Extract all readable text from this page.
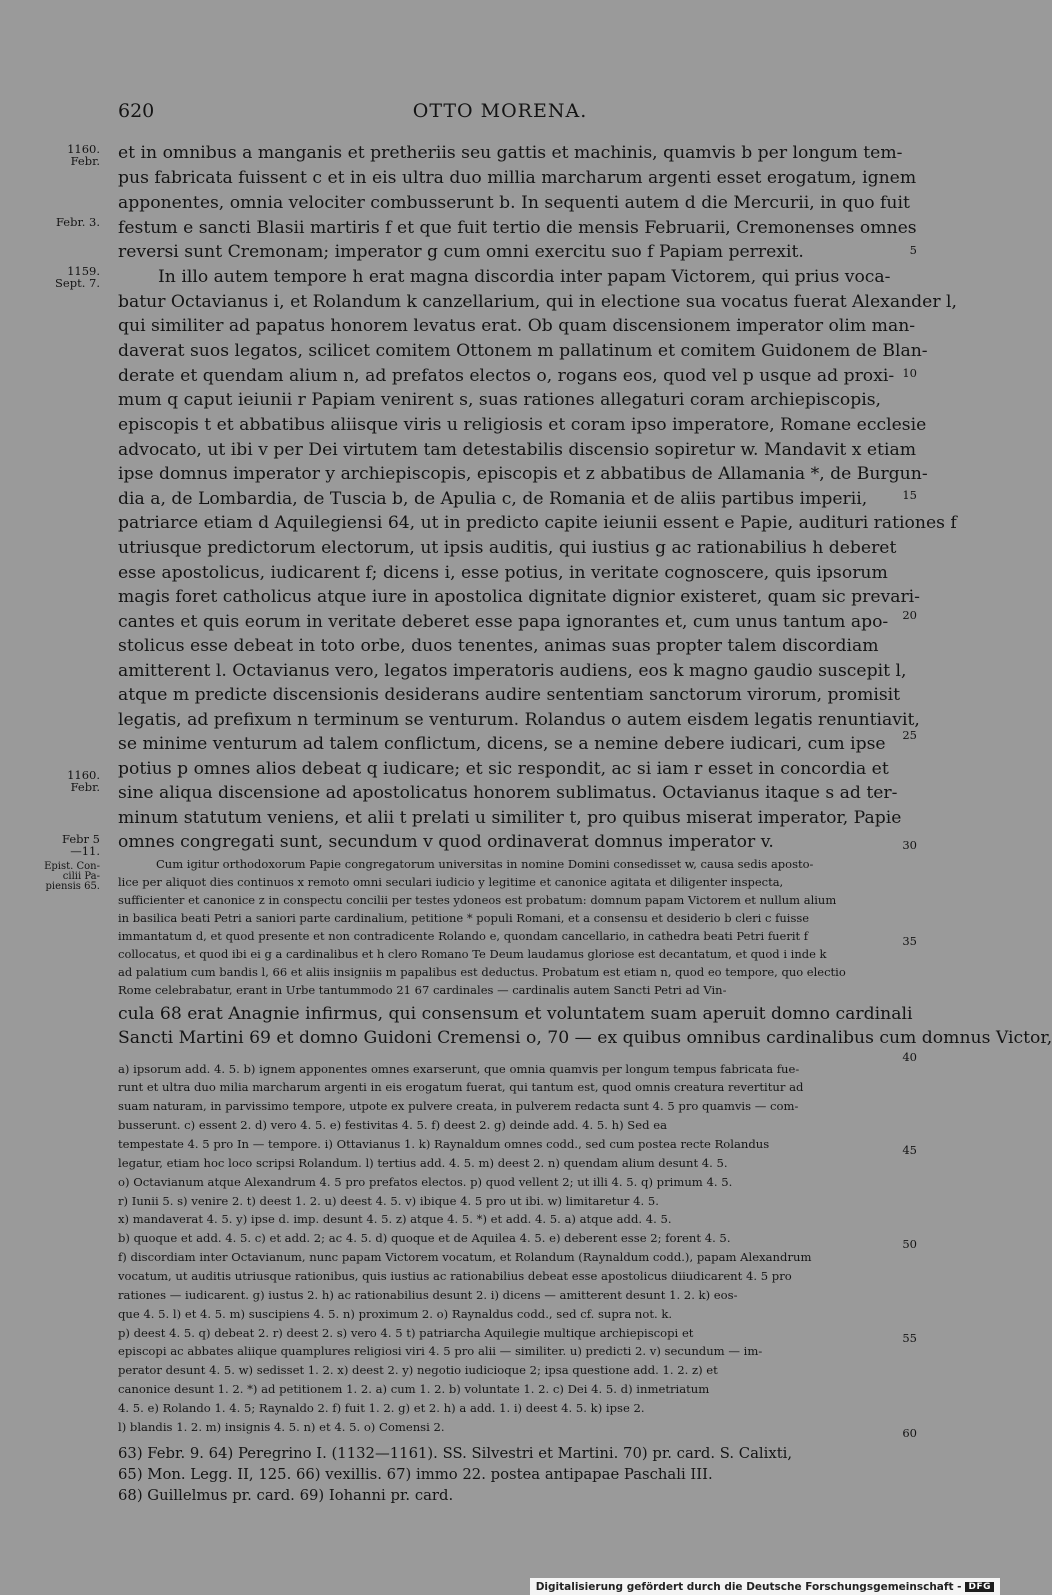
620	OTTO MORENA.
1160.
Febr.
Febr. 3.
1159.
Sept. 7.
1160.
Febr.
Febr 5
—11.
Epist. Con-
cilii Pa-
piensis 65.
5
10
15
20
25
30
35
40
45
50
55
60
et in omnibus a manganis et pretheriis seu gattis et machinis, quamvis b per longum tem-
pus fabricata fuissent c et in eis ultra duo millia marcharum argenti esset erogatum, ignem
apponentes, omnia velociter combusserunt b. In sequenti autem d die Mercurii, in quo fuit
festum e sancti Blasii martiris f et que fuit tertio die mensis Februarii, Cremonenses omnes
reversi sunt Cremonam; imperator g cum omni exercitu suo f Papiam perrexit.
In illo autem tempore h erat magna discordia inter papam Victorem, qui prius voca-
batur Octavianus i, et Rolandum k canzellarium, qui in electione sua vocatus fuerat Alexander l,
qui similiter ad papatus honorem levatus erat. Ob quam discensionem imperator olim man-
daverat suos legatos, scilicet comitem Ottonem m pallatinum et comitem Guidonem de Blan-
derate et quendam alium n, ad prefatos electos o, rogans eos, quod vel p usque ad proxi-
mum q caput ieiunii r Papiam venirent s, suas rationes allegaturi coram archiepiscopis,
episcopis t et abbatibus aliisque viris u religiosis et coram ipso imperatore, Romane ecclesie
advocato, ut ibi v per Dei virtutem tam detestabilis discensio sopiretur w. Mandavit x etiam
ipse domnus imperator y archiepiscopis, episcopis et z abbatibus de Allamania *, de Burgun-
dia a, de Lombardia, de Tuscia b, de Apulia c, de Romania et de aliis partibus imperii,
patriarce etiam d Aquilegiensi 64, ut in predicto capite ieiunii essent e Papie, audituri rationes f
utriusque predictorum electorum, ut ipsis auditis, qui iustius g ac rationabilius h deberet
esse apostolicus, iudicarent f; dicens i, esse potius, in veritate cognoscere, quis ipsorum
magis foret catholicus atque iure in apostolica dignitate dignior existeret, quam sic prevari-
cantes et quis eorum in veritate deberet esse papa ignorantes et, cum unus tantum apo-
stolicus esse debeat in toto orbe, duos tenentes, animas suas propter talem discordiam
amitterent l. Octavianus vero, legatos imperatoris audiens, eos k magno gaudio suscepit l,
atque m predicte discensionis desiderans audire sententiam sanctorum virorum, promisit
legatis, ad prefixum n terminum se venturum. Rolandus o autem eisdem legatis renuntiavit,
se minime venturum ad talem conflictum, dicens, se a nemine debere iudicari, cum ipse
potius p omnes alios debeat q iudicare; et sic respondit, ac si iam r esset in concordia et
sine aliqua discensione ad apostolicatus honorem sublimatus. Octavianus itaque s ad ter-
minum statutum veniens, et alii t prelati u similiter t, pro quibus miserat imperator, Papie
omnes congregati sunt, secundum v quod ordinaverat domnus imperator v.
Cum igitur orthodoxorum Papie congregatorum universitas in nomine Domini consedisset w, causa sedis aposto-
lice per aliquot dies continuos x remoto omni seculari iudicio y legitime et canonice agitata et diligenter inspecta,
sufficienter et canonice z in conspectu concilii per testes ydoneos est probatum: domnum papam Victorem et nullum alium
in basilica beati Petri a saniori parte cardinalium, petitione * populi Romani, et a consensu et desiderio b cleri c fuisse
immantatum d, et quod presente et non contradicente Rolando e, quondam cancellario, in cathedra beati Petri fuerit f
collocatus, et quod ibi ei g a cardinalibus et h clero Romano Te Deum laudamus gloriose est decantatum, et quod i inde k
ad palatium cum bandis l, 66 et aliis insigniis m papalibus est deductus. Probatum est etiam n, quod eo tempore, quo electio
Rome celebrabatur, erant in Urbe tantummodo 21 67 cardinales — cardinalis autem Sancti Petri ad Vin-
cula 68 erat Anagnie infirmus, qui consensum et voluntatem suam aperuit domno cardinali
Sancti Martini 69 et domno Guidoni Cremensi o, 70 — ex quibus omnibus cardinalibus cum domnus Victor,
a) ipsorum add. 4. 5. b) ignem apponentes omnes exarserunt, que omnia quamvis per longum tempus fabricata fue-
runt et ultra duo milia marcharum argenti in eis erogatum fuerat, qui tantum est, quod omnis creatura revertitur ad
suam naturam, in parvissimo tempore, utpote ex pulvere creata, in pulverem redacta sunt 4. 5 pro quamvis — com-
busserunt. c) essent 2. d) vero 4. 5. e) festivitas 4. 5. f) deest 2. g) deinde add. 4. 5. h) Sed ea
tempestate 4. 5 pro In — tempore. i) Ottavianus 1. k) Raynaldum omnes codd., sed cum postea recte Rolandus
legatur, etiam hoc loco scripsi Rolandum. l) tertius add. 4. 5. m) deest 2. n) quendam alium desunt 4. 5.
o) Octavianum atque Alexandrum 4. 5 pro prefatos electos. p) quod vellent 2; ut illi 4. 5. q) primum 4. 5.
r) Iunii 5. s) venire 2. t) deest 1. 2. u) deest 4. 5. v) ibique 4. 5 pro ut ibi. w) limitaretur 4. 5.
x) mandaverat 4. 5. y) ipse d. imp. desunt 4. 5. z) atque 4. 5. *) et add. 4. 5. a) atque add. 4. 5.
b) quoque et add. 4. 5. c) et add. 2; ac 4. 5. d) quoque et de Aquilea 4. 5. e) deberent esse 2; forent 4. 5.
f) discordiam inter Octavianum, nunc papam Victorem vocatum, et Rolandum (Raynaldum codd.), papam Alexandrum
vocatum, ut auditis utriusque rationibus, quis iustius ac rationabilius debeat esse apostolicus diiudicarent 4. 5 pro
rationes — iudicarent. g) iustus 2. h) ac rationabilius desunt 2. i) dicens — amitterent desunt 1. 2. k) eos-
que 4. 5. l) et 4. 5. m) suscipiens 4. 5. n) proximum 2. o) Raynaldus codd., sed cf. supra not. k.
p) deest 4. 5. q) debeat 2. r) deest 2. s) vero 4. 5 t) patriarcha Aquilegie multique archiepiscopi et
episcopi ac abbates aliique quamplures religiosi viri 4. 5 pro alii — similiter. u) predicti 2. v) secundum — im-
perator desunt 4. 5. w) sedisset 1. 2. x) deest 2. y) negotio iudicioque 2; ipsa questione add. 1. 2. z) et
canonice desunt 1. 2. *) ad petitionem 1. 2. a) cum 1. 2. b) voluntate 1. 2. c) Dei 4. 5. d) inmetriatum
4. 5. e) Rolando 1. 4. 5; Raynaldo 2. f) fuit 1. 2. g) et 2. h) a add. 1. i) deest 4. 5. k) ipse 2.
l) blandis 1. 2. m) insignis 4. 5. n) et 4. 5. o) Comensi 2.
63) Febr. 9. 64) Peregrino I. (1132—1161). SS. Silvestri et Martini. 70) pr. card. S. Calixti,
65) Mon. Legg. II, 125. 66) vexillis. 67) immo 22. postea antipapae Paschali III.
68) Guillelmus pr. card. 69) Iohanni pr. card.
Digitalisierung gefördert durch die Deutsche Forschungsgemeinschaft - DFG
